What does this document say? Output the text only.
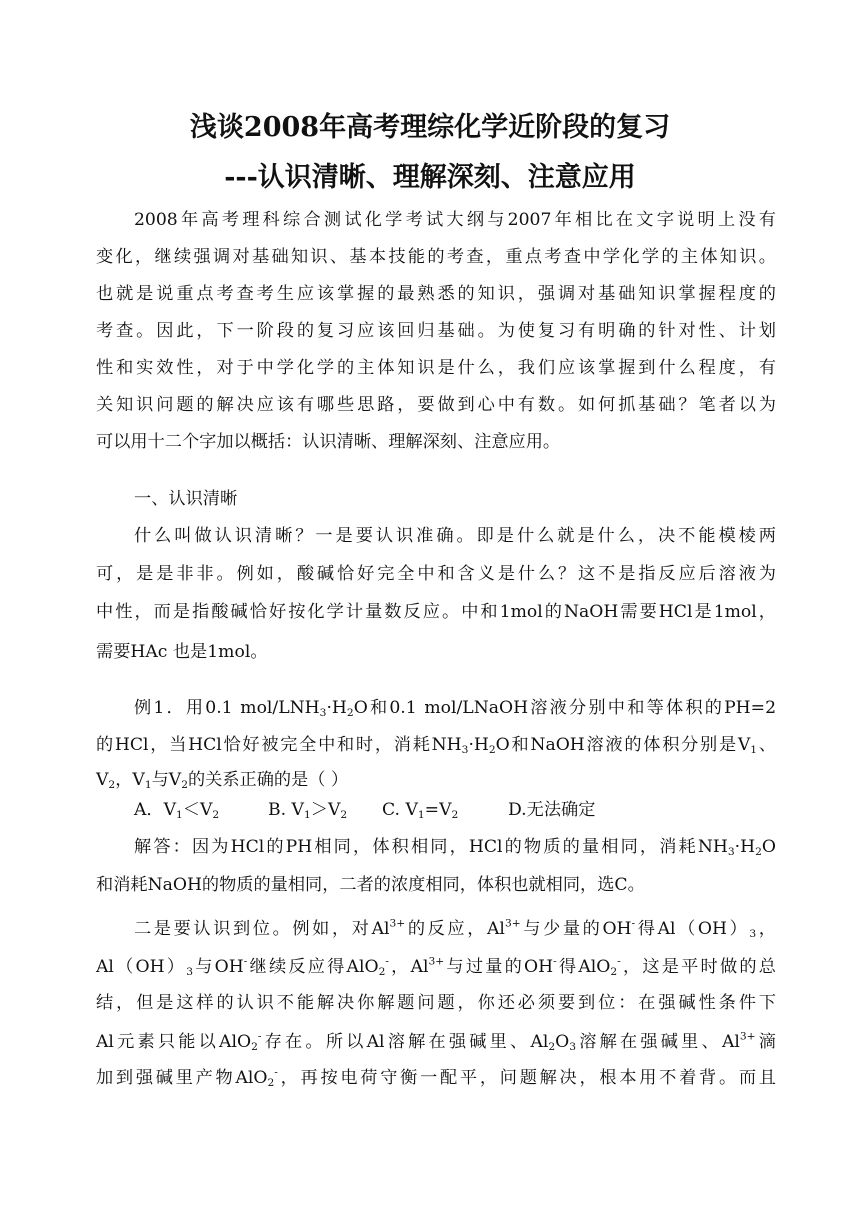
浅谈2008年高考理综化学近阶段的复习
---认识清晰、理解深刻、注意应用
2008年高考理科综合测试化学考试大纲与2007年相比在文字说明上没有
变化，继续强调对基础知识、基本技能的考查，重点考查中学化学的主体知识。
也就是说重点考查考生应该掌握的最熟悉的知识，强调对基础知识掌握程度的
考查。因此，下一阶段的复习应该回归基础。为使复习有明确的针对性、计划
性和实效性，对于中学化学的主体知识是什么，我们应该掌握到什么程度，有
关知识问题的解决应该有哪些思路，要做到心中有数。如何抓基础？笔者以为
可以用十二个字加以概括：认识清晰、理解深刻、注意应用。
一、认识清晰
什么叫做认识清晰？一是要认识准确。即是什么就是什么，决不能模棱两
可，是是非非。例如，酸碱恰好完全中和含义是什么？这不是指反应后溶液为
中性，而是指酸碱恰好按化学计量数反应。中和1mol的NaOH需要HCl是1mol，
需要HAc 也是1mol。
例1．用0.1 mol/$LNH_3\cdot H_2O$和0.1 mol/LNaOH溶液分别中和等体积的PH=2
的HCl，当HCl恰好被完全中和时，消耗$NH_3\cdot H_2O$和NaOH溶液的体积分别是$V_1$、
$V_2$，$V_1$与$V_2$的关系正确的是（ ）
A．$V_1<V_2$	B. $V_1>V_2$ C. $V_1=V_2$	D.无法确定
解答：因为HCl的PH相同，体积相同，HCl的物质的量相同，消耗$NH_3\cdot H_2O$
和消耗NaOH的物质的量相同，二者的浓度相同，体积也就相同，选C。
二是要认识到位。例如，对$Al^{3+}$的反应，$Al^{3+}$与少量的OH-得$Al(OH)_3$，
$Al(OH)_3$与OH-继续反应得AlO$_2$-，$Al^{3+}$与过量的OH-得AlO$_2$-，这是平时做的总
结，但是这样的认识不能解决你解题问题，你还必须要到位：在强碱性条件下
Al元素只能以AlO$_2$-存在。所以Al溶解在强碱里、$Al_2O_3$溶解在强碱里、$Al^{3+}$滴
加到强碱里产物AlO$_2$-，再按电荷守衡一配平，问题解决，根本用不着背。而且
